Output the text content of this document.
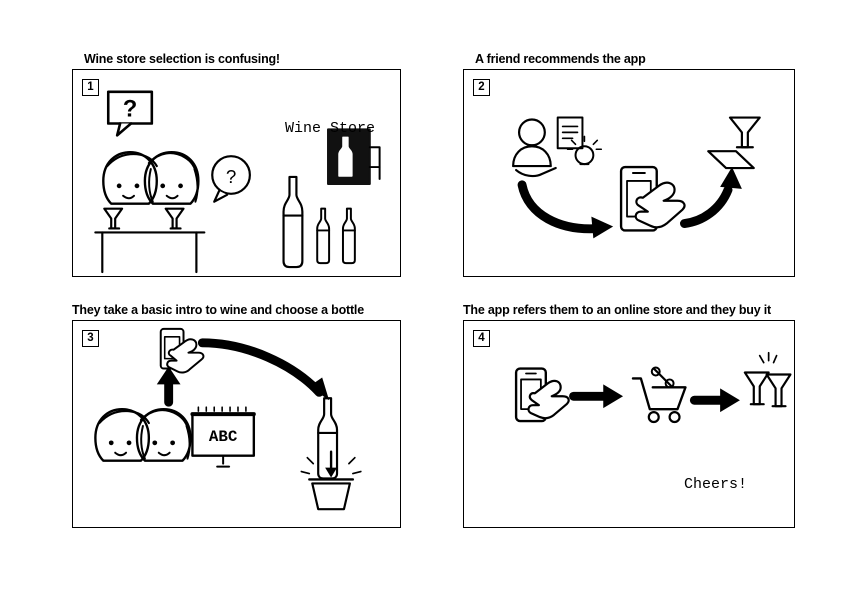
Wine store selection is confusing!
1
?
?
Wine Store
A friend recommends the app
2
They take a basic intro to wine and choose a bottle
3
ABC
The app refers them to an online store and they buy it
4
Cheers!
